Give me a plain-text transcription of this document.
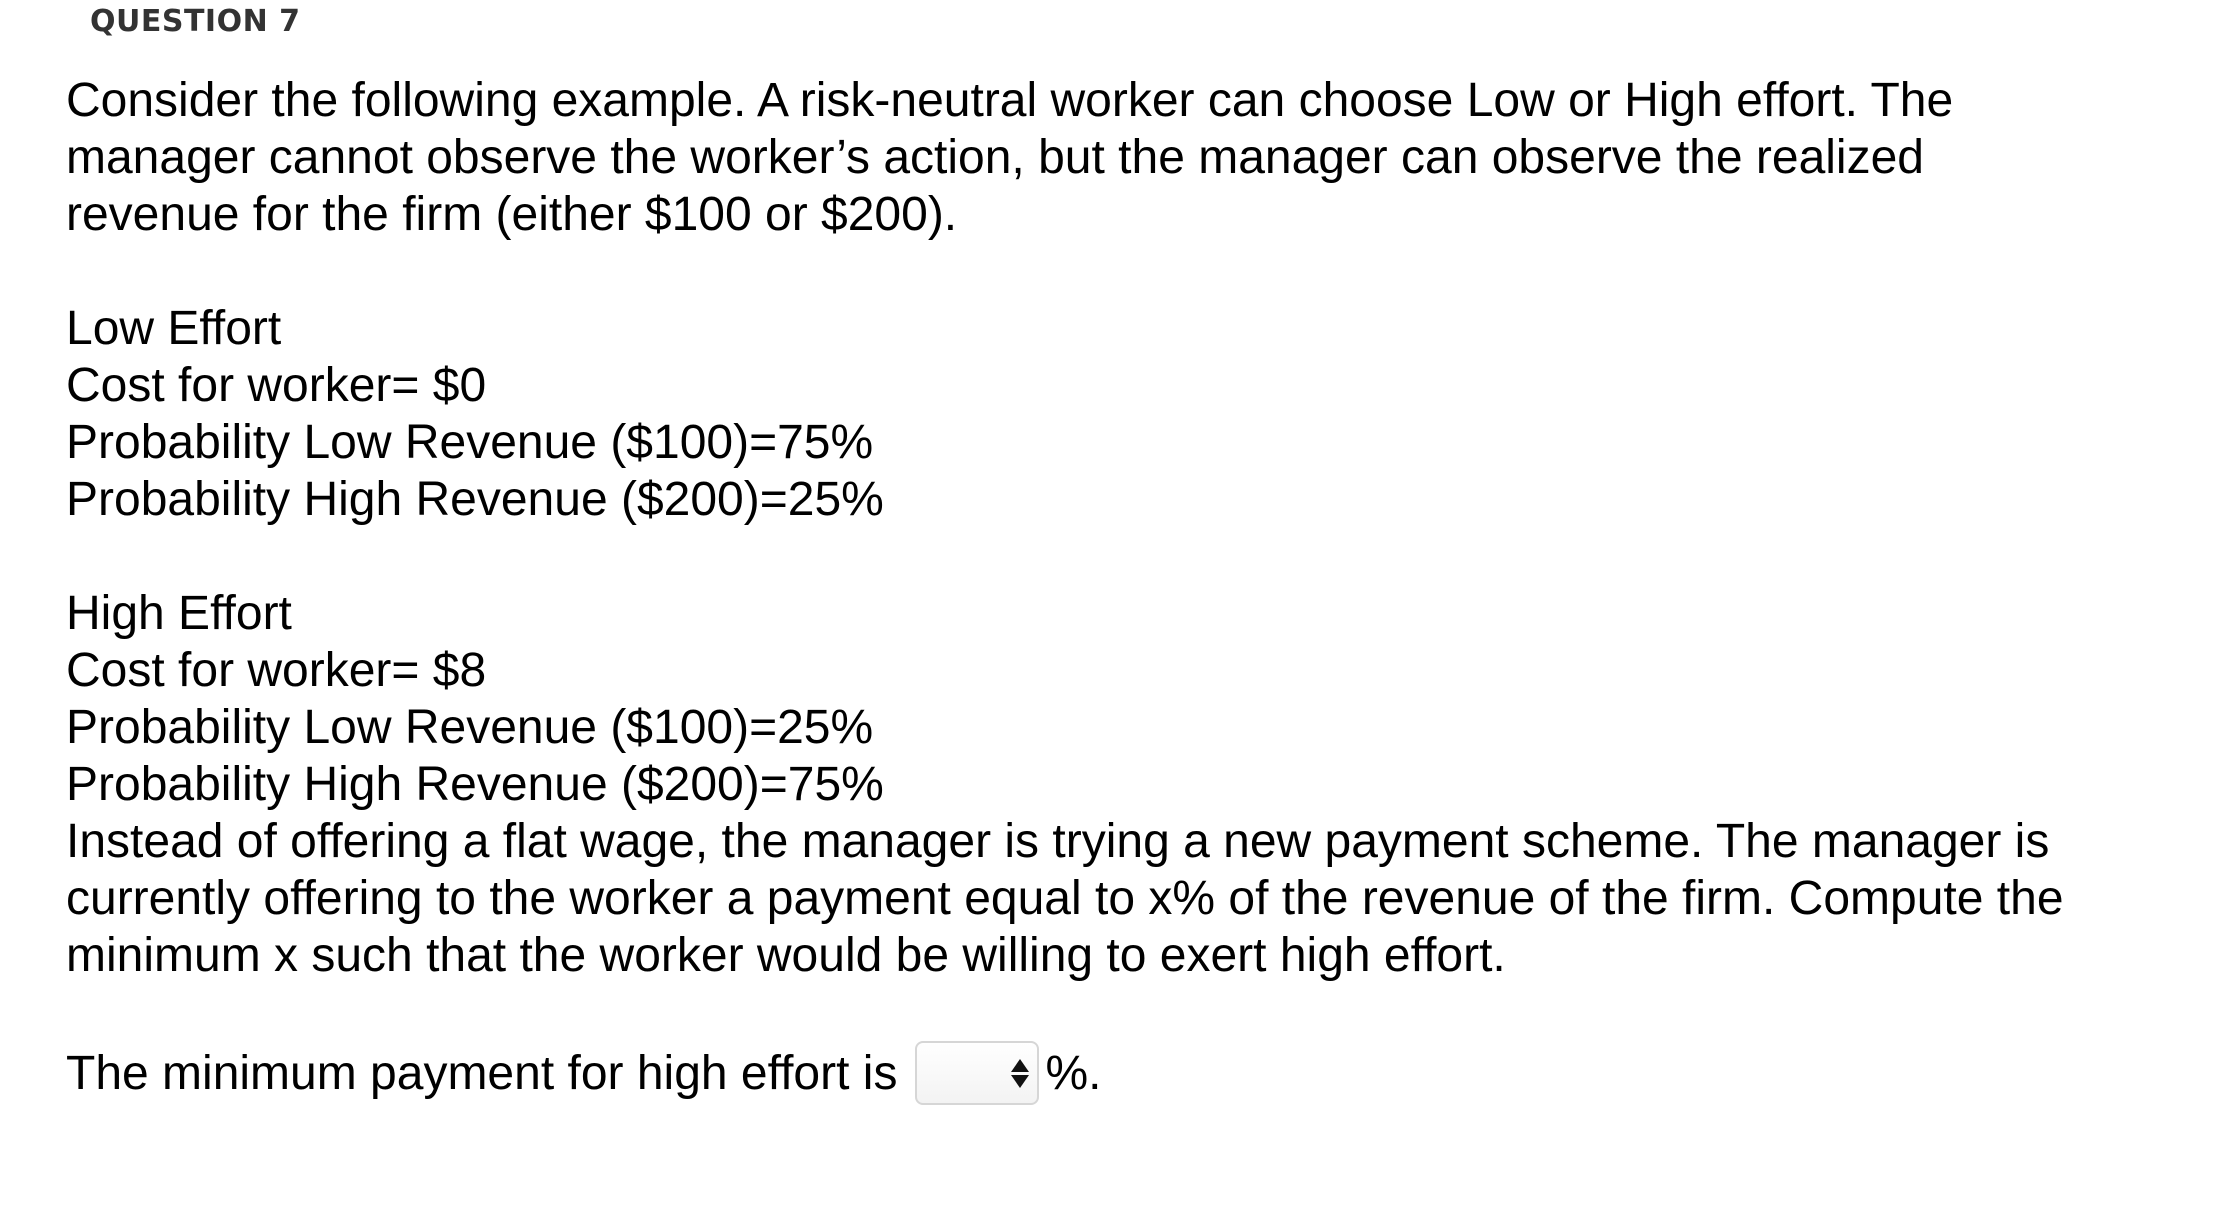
QUESTION 7

Consider the following example. A risk-neutral worker can choose Low or High effort. The
manager cannot observe the worker’s action, but the manager can observe the realized
revenue for the firm (either $100 or $200).

Low Effort
Cost for worker= $0
Probability Low Revenue ($100)=75%
Probability High Revenue ($200)=25%
High Effort
Cost for worker= $8
Probability Low Revenue ($100)=25%
Probability High Revenue ($200)=75%

Instead of offering a flat wage, the manager is trying a new payment scheme. The manager is
currently offering to the worker a payment equal to x% of the revenue of the firm. Compute the
minimum x such that the worker would be willing to exert high effort.

The minimum payment for high effort is	%.
